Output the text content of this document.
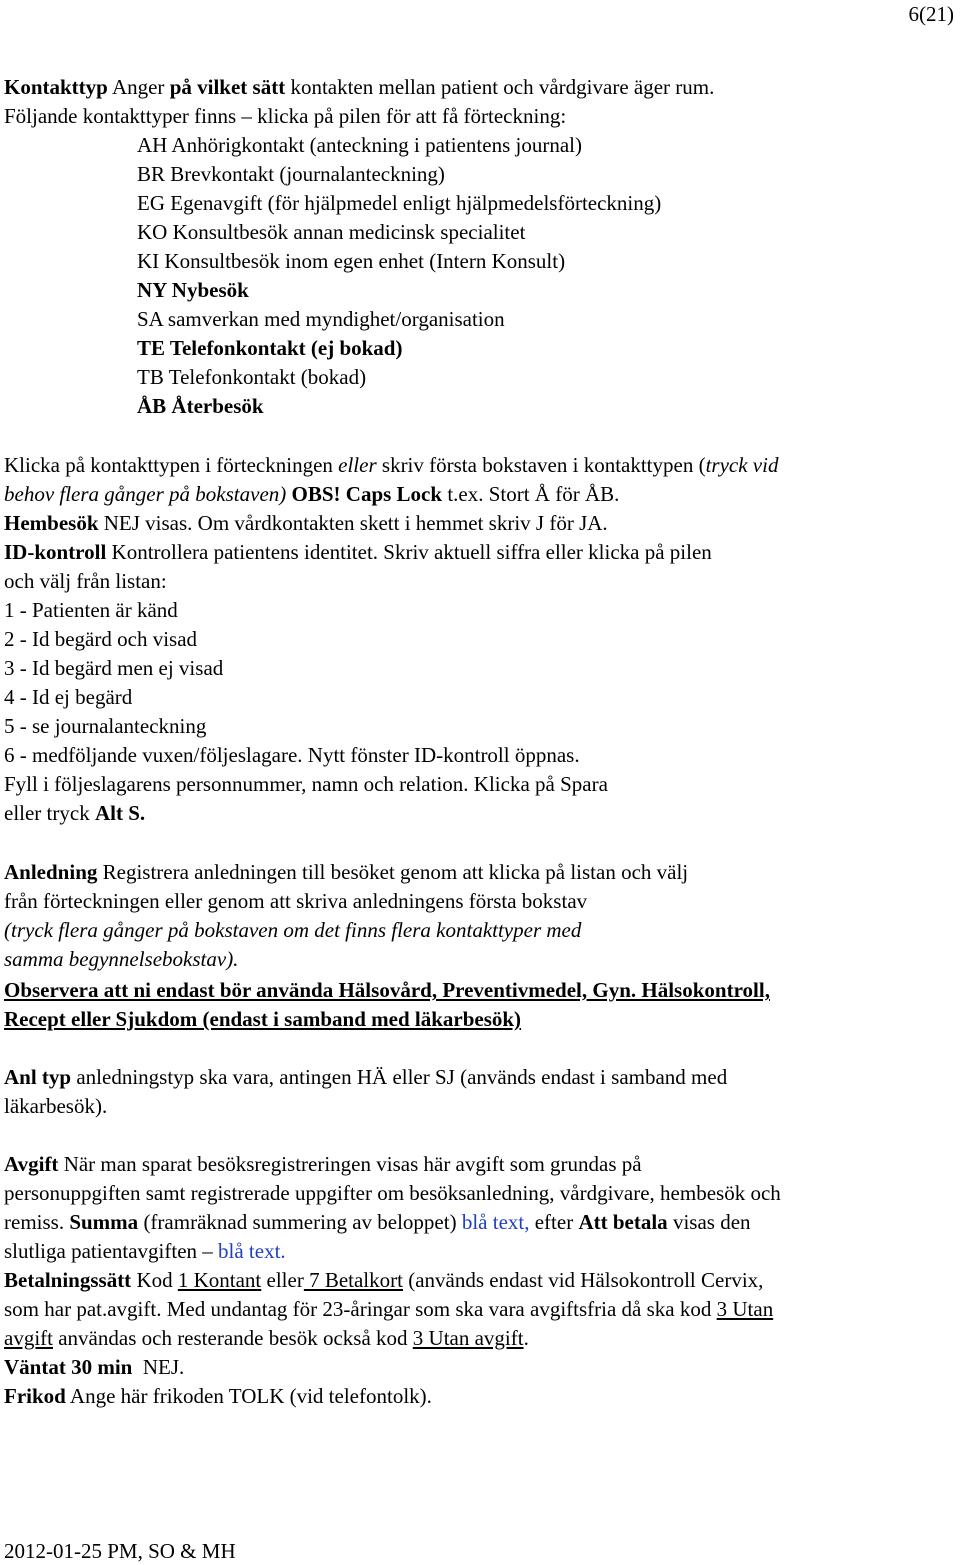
6(21)
Kontakttyp Anger på vilket sätt kontakten mellan patient och vårdgivare äger rum.
Följande kontakttyper finns – klicka på pilen för att få förteckning:
AH Anhörigkontakt (anteckning i patientens journal)
BR Brevkontakt (journalanteckning)
EG Egenavgift (för hjälpmedel enligt hjälpmedelsförteckning)
KO Konsultbesök annan medicinsk specialitet
KI Konsultbesök inom egen enhet (Intern Konsult)
NY Nybesök
SA samverkan med myndighet/organisation
TE Telefonkontakt (ej bokad)
TB Telefonkontakt (bokad)
ÅB Återbesök
Klicka på kontakttypen i förteckningen eller skriv första bokstaven i kontakttypen (tryck vid
behov flera gånger på bokstaven) OBS! Caps Lock t.ex. Stort Å för ÅB.
Hembesök NEJ visas. Om vårdkontakten skett i hemmet skriv J för JA.
ID-kontroll Kontrollera patientens identitet. Skriv aktuell siffra eller klicka på pilen
och välj från listan:
1 - Patienten är känd
2 - Id begärd och visad
3 - Id begärd men ej visad
4 - Id ej begärd
5 - se journalanteckning
6 - medföljande vuxen/följeslagare. Nytt fönster ID-kontroll öppnas.
Fyll i följeslagarens personnummer, namn och relation. Klicka på Spara
eller tryck Alt S.
Anledning Registrera anledningen till besöket genom att klicka på listan och välj
från förteckningen eller genom att skriva anledningens första bokstav
(tryck flera gånger på bokstaven om det finns flera kontakttyper med
samma begynnelsebokstav).
Observera att ni endast bör använda Hälsovård, Preventivmedel, Gyn. Hälsokontroll,
Recept eller Sjukdom (endast i samband med läkarbesök)
Anl typ anledningstyp ska vara, antingen HÄ eller SJ (används endast i samband med
läkarbesök).
Avgift När man sparat besöksregistreringen visas här avgift som grundas på
personuppgiften samt registrerade uppgifter om besöksanledning, vårdgivare, hembesök och
remiss. Summa (framräknad summering av beloppet) blå text, efter Att betala visas den
slutliga patientavgiften – blå text.
Betalningssätt Kod 1 Kontant eller 7 Betalkort (används endast vid Hälsokontroll Cervix,
som har pat.avgift. Med undantag för 23-åringar som ska vara avgiftsfria då ska kod 3 Utan
avgift användas och resterande besök också kod 3 Utan avgift.
Väntat 30 min  NEJ.
Frikod Ange här frikoden TOLK (vid telefontolk).
2012-01-25 PM, SO & MH
